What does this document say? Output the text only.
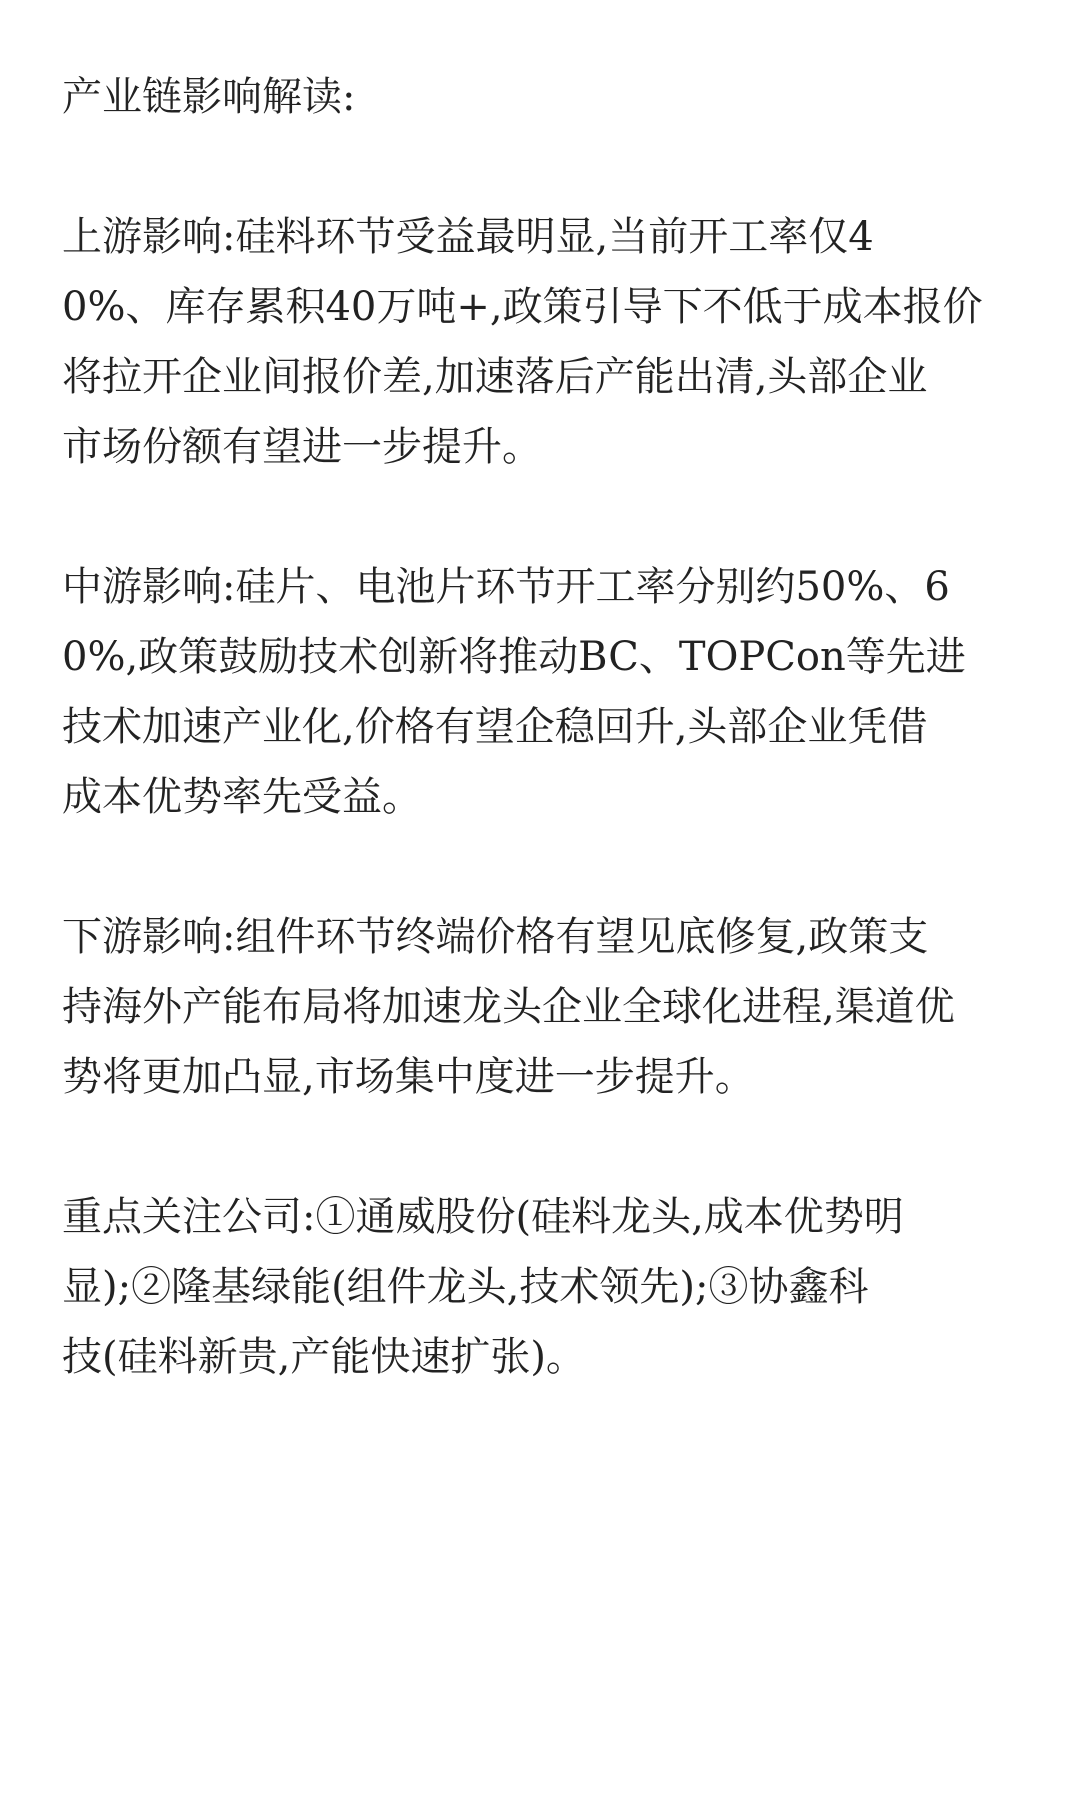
产业链影响解读:

上游影响:硅料环节受益最明显,当前开工率仅4
0%、库存累积40万吨+,政策引导下不低于成本报价
将拉开企业间报价差,加速落后产能出清,头部企业
市场份额有望进一步提升。

中游影响:硅片、电池片环节开工率分别约50%、6
0%,政策鼓励技术创新将推动BC、TOPCon等先进
技术加速产业化,价格有望企稳回升,头部企业凭借
成本优势率先受益。

下游影响:组件环节终端价格有望见底修复,政策支
持海外产能布局将加速龙头企业全球化进程,渠道优
势将更加凸显,市场集中度进一步提升。

重点关注公司:①通威股份(硅料龙头,成本优势明
显);②隆基绿能(组件龙头,技术领先);③协鑫科
技(硅料新贵,产能快速扩张)。
